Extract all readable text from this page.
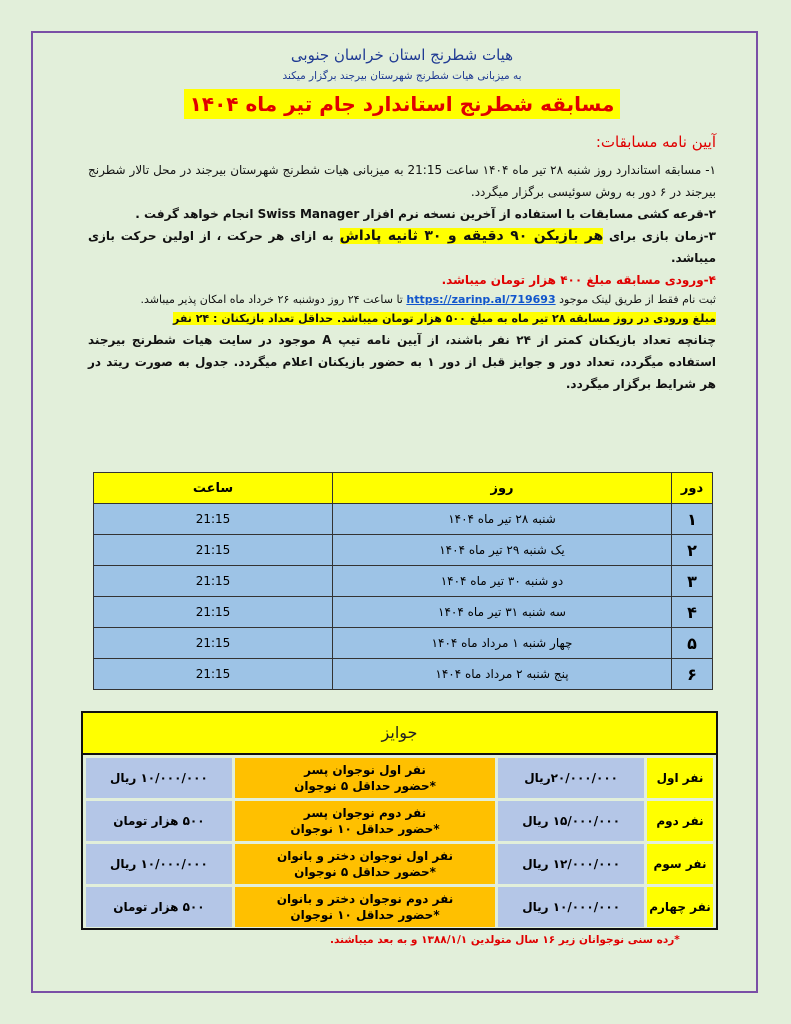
هیات شطرنج استان خراسان جنوبی
به میزبانی هیات شطرنج شهرستان بیرجند برگزار میکند
مسابقه شطرنج استاندارد جام تیر ماه ۱۴۰۴
آیین نامه مسابقات:
۱- مسابقه استاندارد روز شنبه ۲۸ تیر ماه ۱۴۰۴ ساعت 21:15 به میزبانی هیات شطرنج شهرستان بیرجند در محل تالار شطرنج بیرجند در ۶ دور به روش سوئیسی برگزار میگردد.
۲-قرعه کشی مسابقات با استفاده از آخرین نسخه نرم افزار Swiss Manager انجام خواهد گرفت .
۳-زمان بازی برای هر بازیکن ۹۰ دقیقه و ۳۰ ثانیه پاداش به ازای هر حرکت ، از اولین حرکت بازی میباشد.
۴-ورودی مسابقه مبلغ ۴۰۰ هزار تومان میباشد.
ثبت نام فقط از طریق لینک موجود https://zarinp.al/719693 تا ساعت ۲۴ روز دوشنبه ۲۶ خرداد ماه امکان پذیر میباشد.
مبلغ ورودی در روز مسابقه ۲۸ تیر ماه به مبلغ ۵۰۰ هزار تومان میباشد. حداقل تعداد بازیکنان : ۲۴ نفر
چنانچه تعداد بازیکنان کمتر از ۲۴ نفر باشند، از آیین نامه تیپ A موجود در سایت هیات شطرنج بیرجند استفاده میگردد، تعداد دور و جوایز قبل از دور ۱ به حضور بازیکنان اعلام میگردد. جدول به صورت ریتد در هر شرایط برگزار میگردد.
دور	روز	ساعت
۱	شنبه ۲۸ تیر ماه ۱۴۰۴	21:15
۲	یک شنبه ۲۹ تیر ماه ۱۴۰۴	21:15
۳	دو شنبه ۳۰ تیر ماه ۱۴۰۴	21:15
۴	سه شنبه ۳۱ تیر ماه ۱۴۰۴	21:15
۵	چهار شنبه ۱ مرداد ماه ۱۴۰۴	21:15
۶	پنج شنبه ۲ مرداد ماه ۱۴۰۴	21:15
جوایز
نفر اول	۲۰/۰۰۰/۰۰۰ریال	نفر اول نوجوان پسر
*حضور حداقل ۵ نوجوان	۱۰/۰۰۰/۰۰۰ ریال
نفر دوم	۱۵/۰۰۰/۰۰۰ ریال	نفر دوم نوجوان پسر
*حضور حداقل ۱۰ نوجوان	۵۰۰ هزار تومان
نفر سوم	۱۲/۰۰۰/۰۰۰ ریال	نفر اول نوجوان دختر و بانوان
*حضور حداقل ۵ نوجوان	۱۰/۰۰۰/۰۰۰ ریال
نفر چهارم	۱۰/۰۰۰/۰۰۰ ریال	نفر دوم نوجوان دختر و بانوان
*حضور حداقل ۱۰ نوجوان	۵۰۰ هزار تومان
*رده سنی نوجوانان زیر ۱۶ سال متولدین ۱۳۸۸/۱/۱ و به بعد میباشند.
